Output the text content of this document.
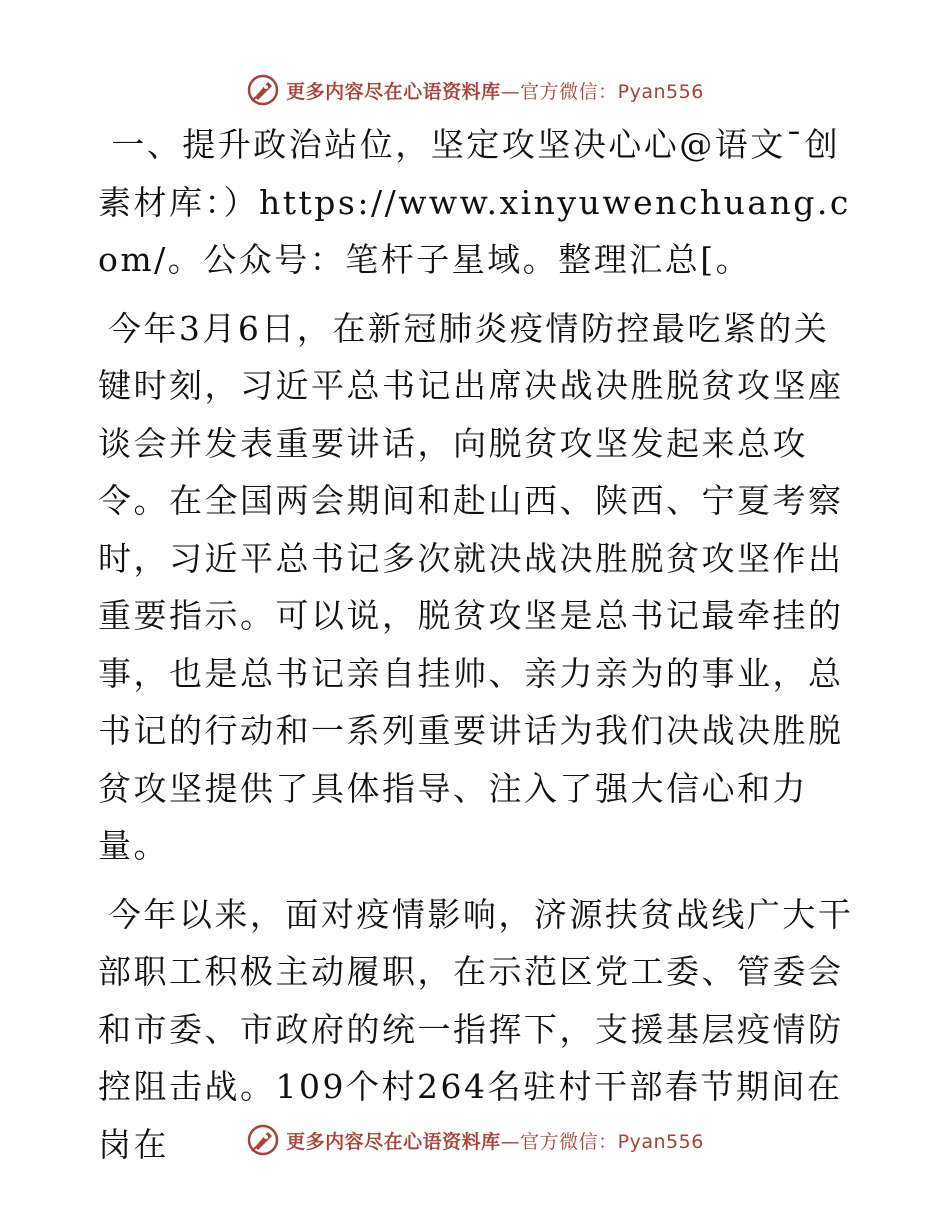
更多内容尽在心语资料库—官方微信：Pyan556

一、提升政治站位，坚定攻坚决心心@语文¯创素材库：）https://www.xinyuwenchuang.com/。公众号：笔杆子星域。整理汇总[。

今年3月6日，在新冠肺炎疫情防控最吃紧的关键时刻，习近平总书记出席决战决胜脱贫攻坚座谈会并发表重要讲话，向脱贫攻坚发起来总攻令。在全国两会期间和赴山西、陕西、宁夏考察时，习近平总书记多次就决战决胜脱贫攻坚作出重要指示。可以说，脱贫攻坚是总书记最牵挂的事，也是总书记亲自挂帅、亲力亲为的事业，总书记的行动和一系列重要讲话为我们决战决胜脱贫攻坚提供了具体指导、注入了强大信心和力量。

今年以来，面对疫情影响，济源扶贫战线广大干部职工积极主动履职，在示范区党工委、管委会和市委、市政府的统一指挥下，支援基层疫情防控阻击战。109个村264名驻村干部春节期间在岗在	更多内容尽在心语资料库—官方微信：Pyan556
